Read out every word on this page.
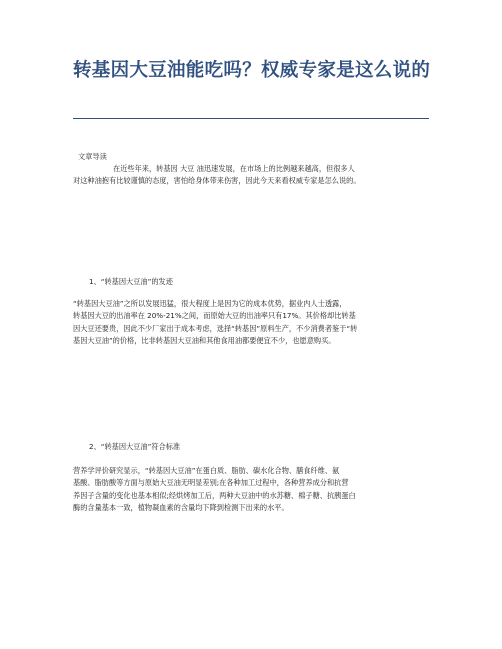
转基因大豆油能吃吗？权威专家是这么说的
文章导读
在近些年来，转基因 大豆 油迅速发展，在市场上的比例越来越高，但很多人
对这种油抱有比较谨慎的态度，害怕给身体带来伤害，因此今天来看权威专家是怎么说的。
1、“转基因大豆油”的发迹
“转基因大豆油”之所以发展迅猛，很大程度上是因为它的成本优势，据业内人士透露，
转基因大豆的出油率在 20%-21%之间，而原始大豆的出油率只有17%。其价格却比转基
因大豆还要贵，因此不少厂家出于成本考虑，选择“转基因”原料生产，不少消费者鉴于“转
基因大豆油”的价格，比非转基因大豆油和其他食用油都要便宜不少，也愿意购买。
2、“转基因大豆油”符合标准
营养学评价研究显示，“转基因大豆油”在蛋白质、脂肪、碳水化合物、膳食纤维、氨
基酸、脂肪酸等方面与原始大豆油无明显差别;在各种加工过程中，各种营养成分和抗营
养因子含量的变化也基本相似;经烘烤加工后，两种大豆油中的水苏糖、棉子糖、抗胰蛋白
酶的含量基本一致，植物凝血素的含量均下降到检测下出来的水平。
